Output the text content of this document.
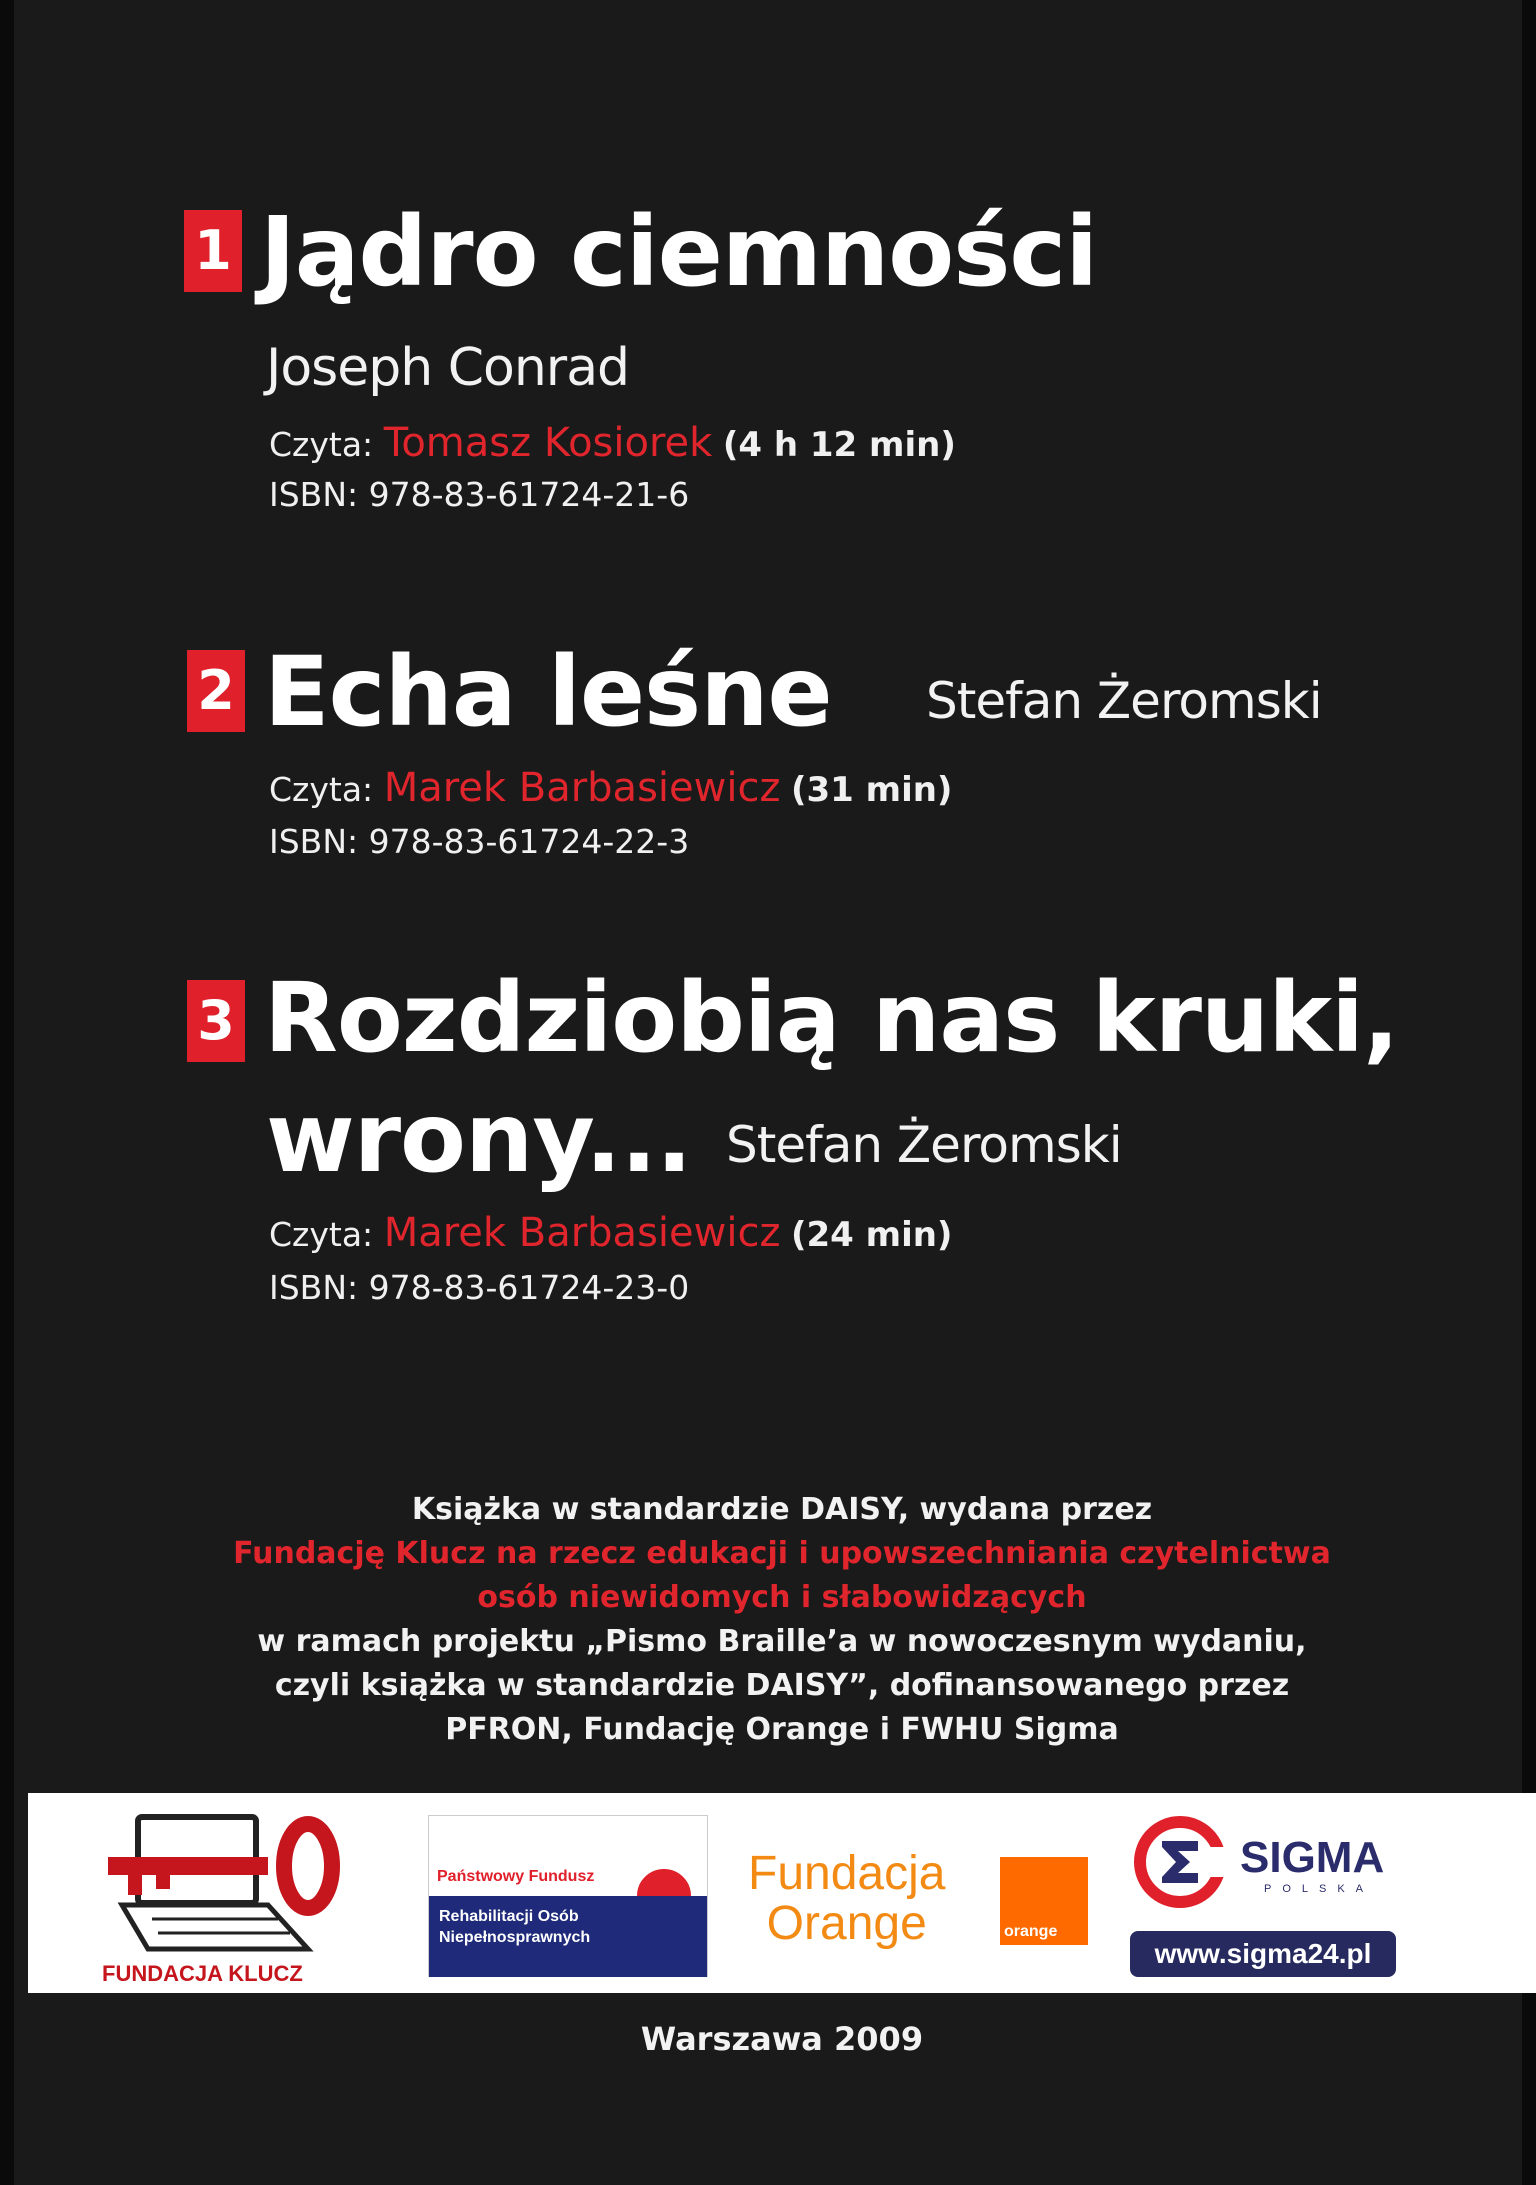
1 Jądro ciemności
Joseph Conrad
Czyta: Tomasz Kosiorek (4 h 12 min)
ISBN: 978-83-61724-21-6
2 Echa leśne Stefan Żeromski
Czyta: Marek Barbasiewicz (31 min)
ISBN: 978-83-61724-22-3
3 Rozdziobią nas kruki,
wrony... Stefan Żeromski
Czyta: Marek Barbasiewicz (24 min)
ISBN: 978-83-61724-23-0
Książka w standardzie DAISY, wydana przez
Fundację Klucz na rzecz edukacji i upowszechniania czytelnictwa
osób niewidomych i słabowidzących
w ramach projektu „Pismo Braille’a w nowoczesnym wydaniu,
czyli książka w standardzie DAISY”, dofinansowanego przez
PFRON, Fundację Orange i FWHU Sigma
FUNDACJA KLUCZ
Państwowy Fundusz
Rehabilitacji Osób
Niepełnosprawnych
Fundacja
Orange	orange
SIGMA
POLSKA
www.sigma24.pl
Warszawa 2009
